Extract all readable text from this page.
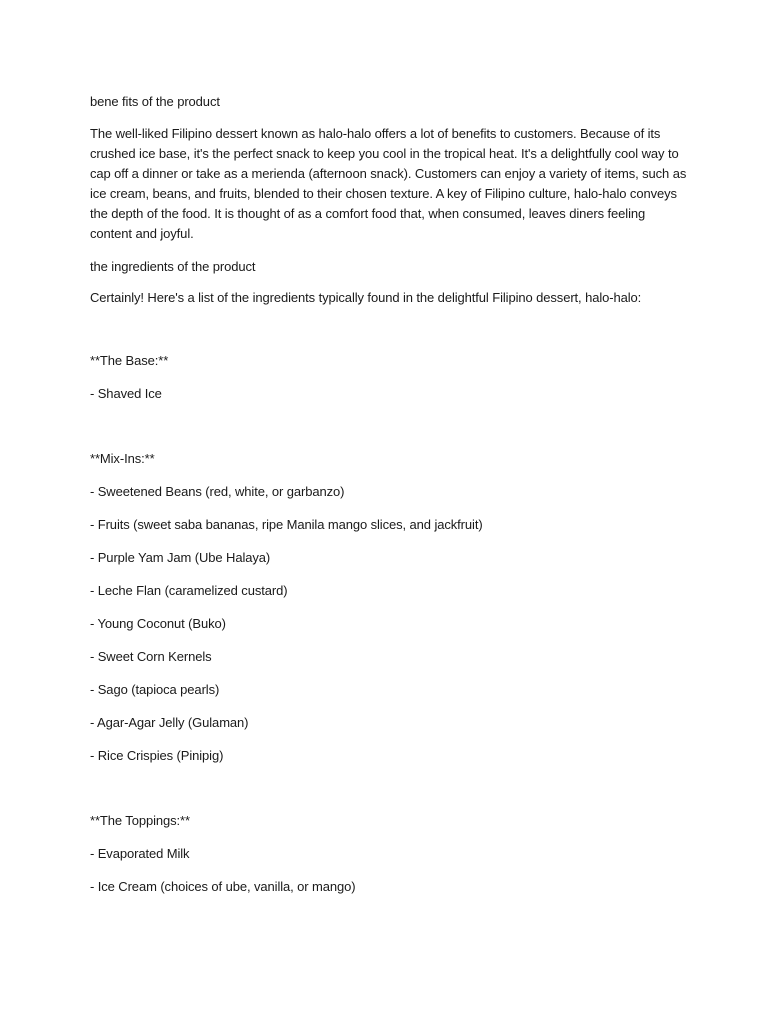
bene fits of the product

The well-liked Filipino dessert known as halo-halo offers a lot of benefits to customers. Because of its crushed ice base, it's the perfect snack to keep you cool in the tropical heat. It's a delightfully cool way to cap off a dinner or take as a merienda (afternoon snack). Customers can enjoy a variety of items, such as ice cream, beans, and fruits, blended to their chosen texture. A key of Filipino culture, halo-halo conveys the depth of the food. It is thought of as a comfort food that, when consumed, leaves diners feeling content and joyful.

the ingredients of the product

Certainly! Here's a list of the ingredients typically found in the delightful Filipino dessert, halo-halo:

**The Base:**

- Shaved Ice

**Mix-Ins:**

- Sweetened Beans (red, white, or garbanzo)

- Fruits (sweet saba bananas, ripe Manila mango slices, and jackfruit)

- Purple Yam Jam (Ube Halaya)

- Leche Flan (caramelized custard)

- Young Coconut (Buko)

- Sweet Corn Kernels

- Sago (tapioca pearls)

- Agar-Agar Jelly (Gulaman)

- Rice Crispies (Pinipig)

**The Toppings:**

- Evaporated Milk

- Ice Cream (choices of ube, vanilla, or mango)
